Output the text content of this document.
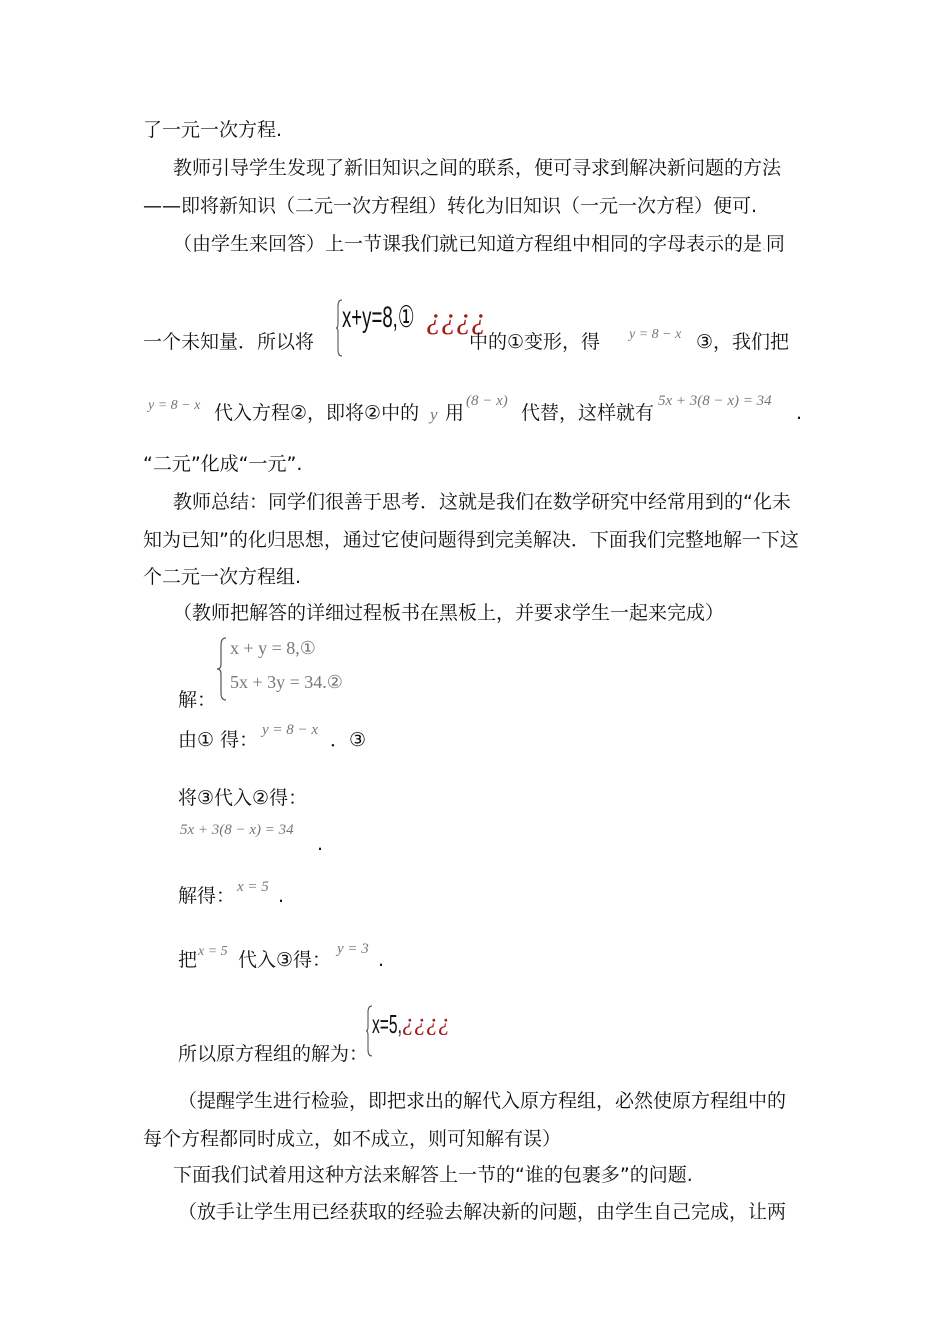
了一元一次方程.
教师引导学生发现了新旧知识之间的联系，便可寻求到解决新问题的方法
——即将新知识（二元一次方程组）转化为旧知识（一元一次方程）便可.
（由学生来回答）上一节课我们就已知道方程组中相同的字母表示的是.同
一个未知量．所以将
x+y=8,① ¿¿¿¿
中的①变形，得 y = 8 − x ③，我们把
y = 8 − x 代入方程②，即将②中的 y 用
(8 − x)
代替，这样就有
5x + 3(8 − x) = 34
.
“二元”化成“一元”.
教师总结：同学们很善于思考．这就是我们在数学研究中经常用到的“化未
知为已知”的化归思想，通过它使问题得到完美解决．下面我们完整地解一下这
个二元一次方程组.
（教师把解答的详细过程板书在黑板上，并要求学生一起来完成）
解：
x + y = 8,①
5x + 3y = 34.②
由① 得： y = 8 − x ．③
将③代入②得：
5x + 3(8 − x) = 34
.
解得： x = 5 .
把 x = 5 代入③得： y = 3 .
所以原方程组的解为：
x=5, ¿¿¿¿
（提醒学生进行检验，即把求出的解代入原方程组，必然使原方程组中的
每个方程都同时成立，如不成立，则可知解有误）
下面我们试着用这种方法来解答上一节的“谁的包裹多”的问题.
（放手让学生用已经获取的经验去解决新的问题，由学生自己完成，让两
